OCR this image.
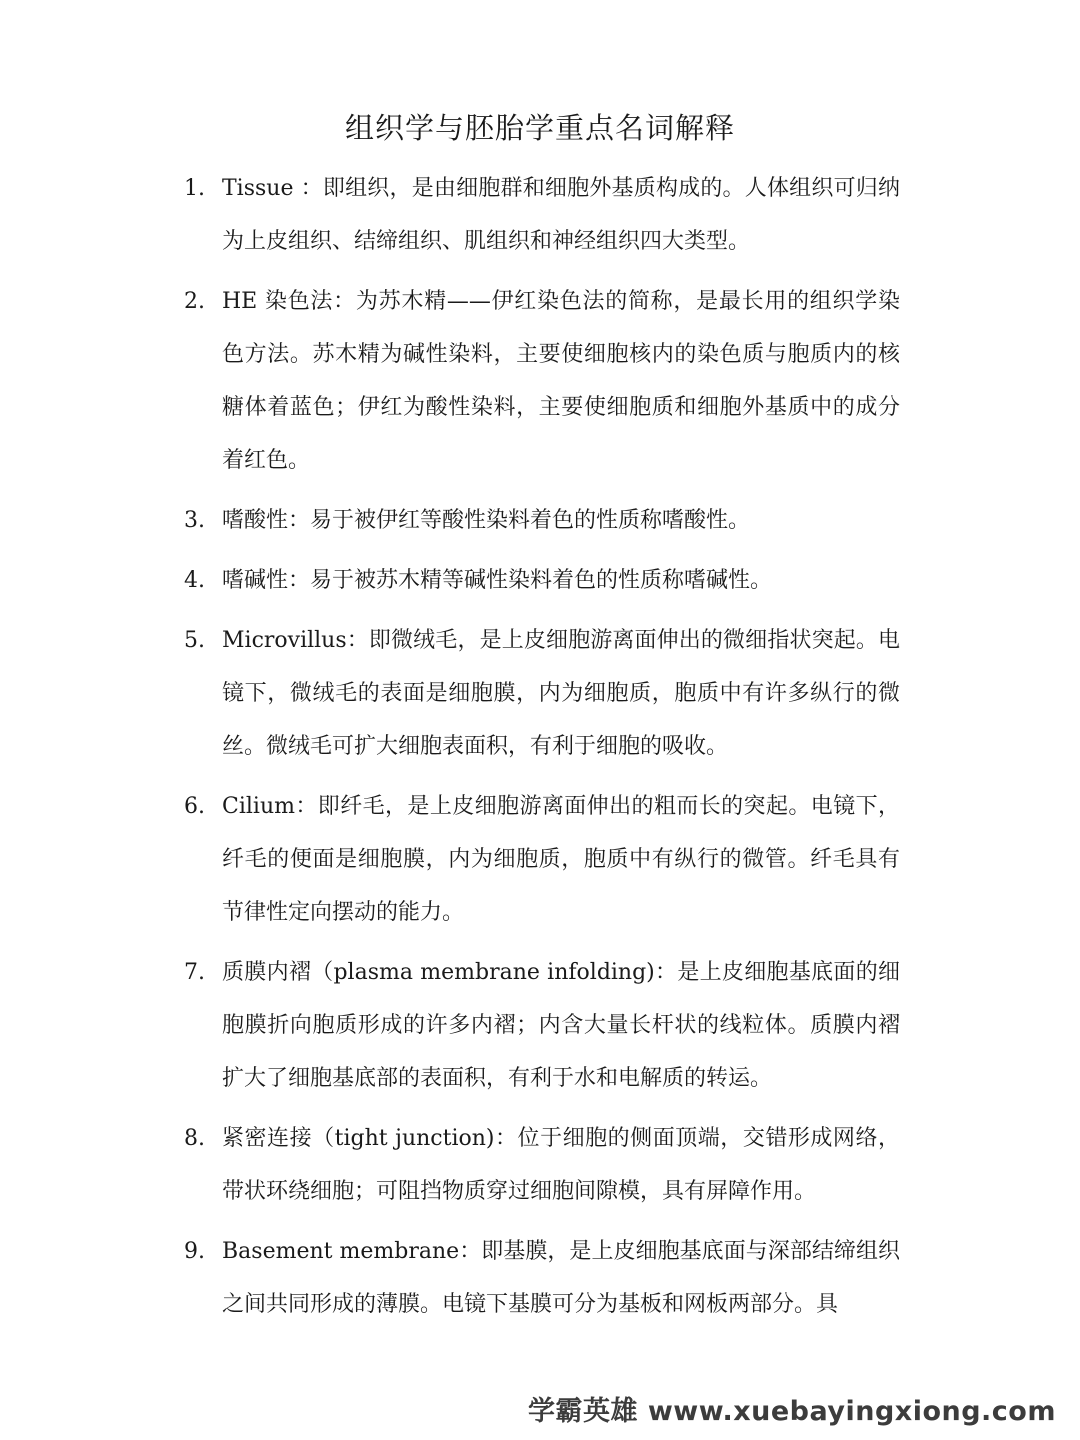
组织学与胚胎学重点名词解释
1. Tissue ：即组织，是由细胞群和细胞外基质构成的。人体组织可归纳 为上皮组织、结缔组织、肌组织和神经组织四大类型。
2. HE 染色法：为苏木精——伊红染色法的简称，是最长用的组织学染 色方法。苏木精为碱性染料，主要使细胞核内的染色质与胞质内的核糖体着蓝色；伊红为酸性染料，主要使细胞质和细胞外基质中的成分着红色。
3. 嗜酸性：易于被伊红等酸性染料着色的性质称嗜酸性。
4. 嗜碱性：易于被苏木精等碱性染料着色的性质称嗜碱性。
5. Microvillus：即微绒毛，是上皮细胞游离面伸出的微细指状突起。电镜下，微绒毛的表面是细胞膜，内为细胞质，胞质中有许多纵行的微丝。微绒毛可扩大细胞表面积，有利于细胞的吸收。
6. Cilium：即纤毛，是上皮细胞游离面伸出的粗而长的突起。电镜下，纤毛的便面是细胞膜，内为细胞质，胞质中有纵行的微管。纤毛具有节律性定向摆动的能力。
7. 质膜内褶（plasma membrane infolding)：是上皮细胞基底面的细胞膜折向胞质形成的许多内褶；内含大量长杆状的线粒体。质膜内褶扩大了细胞基底部的表面积，有利于水和电解质的转运。
8. 紧密连接（tight junction)：位于细胞的侧面顶端，交错形成网络，带状环绕细胞；可阻挡物质穿过细胞间隙模，具有屏障作用。
9. Basement membrane：即基膜，是上皮细胞基底面与深部结缔组织之间共同形成的薄膜。电镜下基膜可分为基板和网板两部分。具
学霸英雄 www.xuebayingxiong.com
